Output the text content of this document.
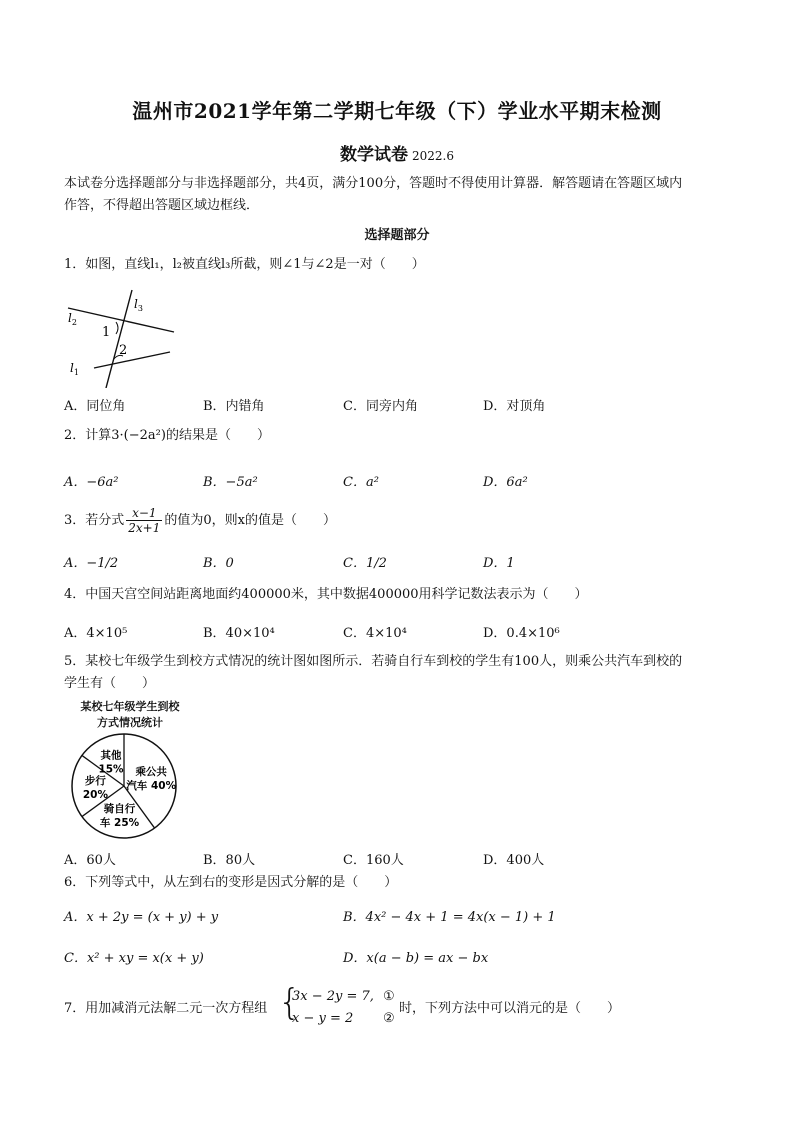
温州市2021学年第二学期七年级（下）学业水平期末检测
数学试卷 2022.6
本试卷分选择题部分与非选择题部分，共4页，满分100分，答题时不得使用计算器．解答题请在答题区域内
作答，不得超出答题区域边框线．
选择题部分
1．如图，直线l₁，l₂被直线l₃所截，则∠1与∠2是一对（　　）
$l_3$
$l_2$
$l_1$
1
2
A．同位角	B．内错角	C．同旁内角	D．对顶角
2．计算3·(−2a²)的结果是（　　）
A．−6a²	B．−5a²	C．a²	D．6a²
3．若分式 $\frac{x-1}{2x+1}$ 的值为0，则x的值是（　　）
A．−1/2	B．0	C．1/2	D．1
4．中国天宫空间站距离地面约400000米，其中数据400000用科学记数法表示为（　　）
A．4×10⁵	B．40×10⁴	C．4×10⁴	D．0.4×10⁶
5．某校七年级学生到校方式情况的统计图如图所示．若骑自行车到校的学生有100人，则乘公共汽车到校的
学生有（　　）
某校七年级学生到校
方式情况统计
乘公共汽车 40%
骑自行车 25%
步行 20%
其他 15%
A．60人	B．80人	C．160人	D．400人
6．下列等式中，从左到右的变形是因式分解的是（　　）
A．x + 2y = (x + y) + y	B．4x² − 4x + 1 = 4x(x − 1) + 1
C．x² + xy = x(x + y)	D．x(a − b) = ax − bx
7．用加减消元法解二元一次方程组 {
3x − 2y = 7,
x − y = 2
①
②
时，下列方法中可以消元的是（　　）
